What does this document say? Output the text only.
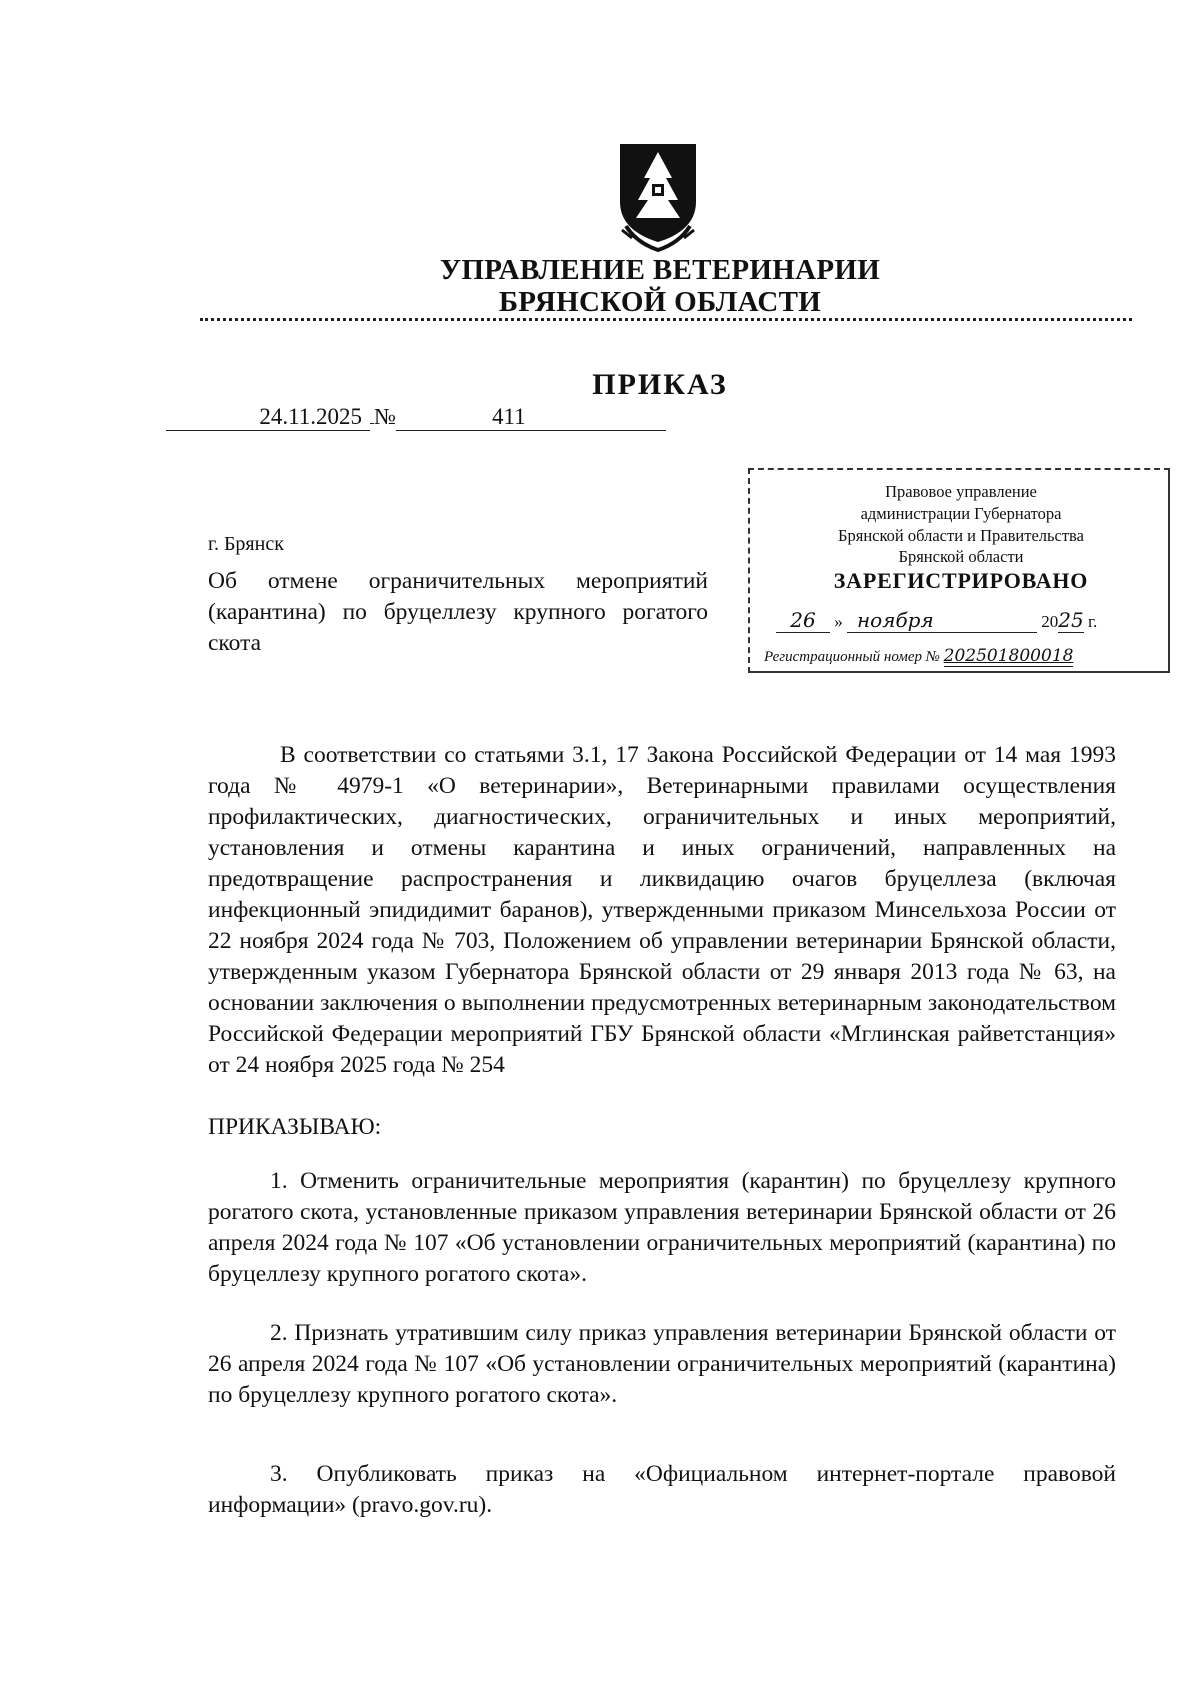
УПРАВЛЕНИЕ ВЕТЕРИНАРИИ
БРЯНСКОЙ ОБЛАСТИ
ПРИКАЗ
24.11.2025 №	411
г. Брянск
Об отмене ограничительных мероприятий (карантина) по бруцеллезу крупного рогатого скота
Правовое управление
администрации Губернатора
Брянской области и Правительства
Брянской области
ЗАРЕГИСТРИРОВАНО
26 » ноября	2025 г.
Регистрационный номер № 202501800018
В соответствии со статьями 3.1, 17 Закона Российской Федерации от 14 мая 1993 года № 4979-1 «О ветеринарии», Ветеринарными правилами осуществления профилактических, диагностических, ограничительных и иных мероприятий, установления и отмены карантина и иных ограничений, направленных на предотвращение распространения и ликвидацию очагов бруцеллеза (включая инфекционный эпидидимит баранов), утвержденными приказом Минсельхоза России от 22 ноября 2024 года № 703, Положением об управлении ветеринарии Брянской области, утвержденным указом Губернатора Брянской области от 29 января 2013 года № 63, на основании заключения о выполнении предусмотренных ветеринарным законодательством Российской Федерации мероприятий ГБУ Брянской области «Мглинская райветстанция» от 24 ноября 2025 года № 254
ПРИКАЗЫВАЮ:
1. Отменить ограничительные мероприятия (карантин) по бруцеллезу крупного рогатого скота, установленные приказом управления ветеринарии Брянской области от 26 апреля 2024 года № 107 «Об установлении ограничительных мероприятий (карантина) по бруцеллезу крупного рогатого скота».
2. Признать утратившим силу приказ управления ветеринарии Брянской области от 26 апреля 2024 года № 107 «Об установлении ограничительных мероприятий (карантина) по бруцеллезу крупного рогатого скота».
3. Опубликовать приказ на «Официальном интернет-портале правовой информации» (pravo.gov.ru).
